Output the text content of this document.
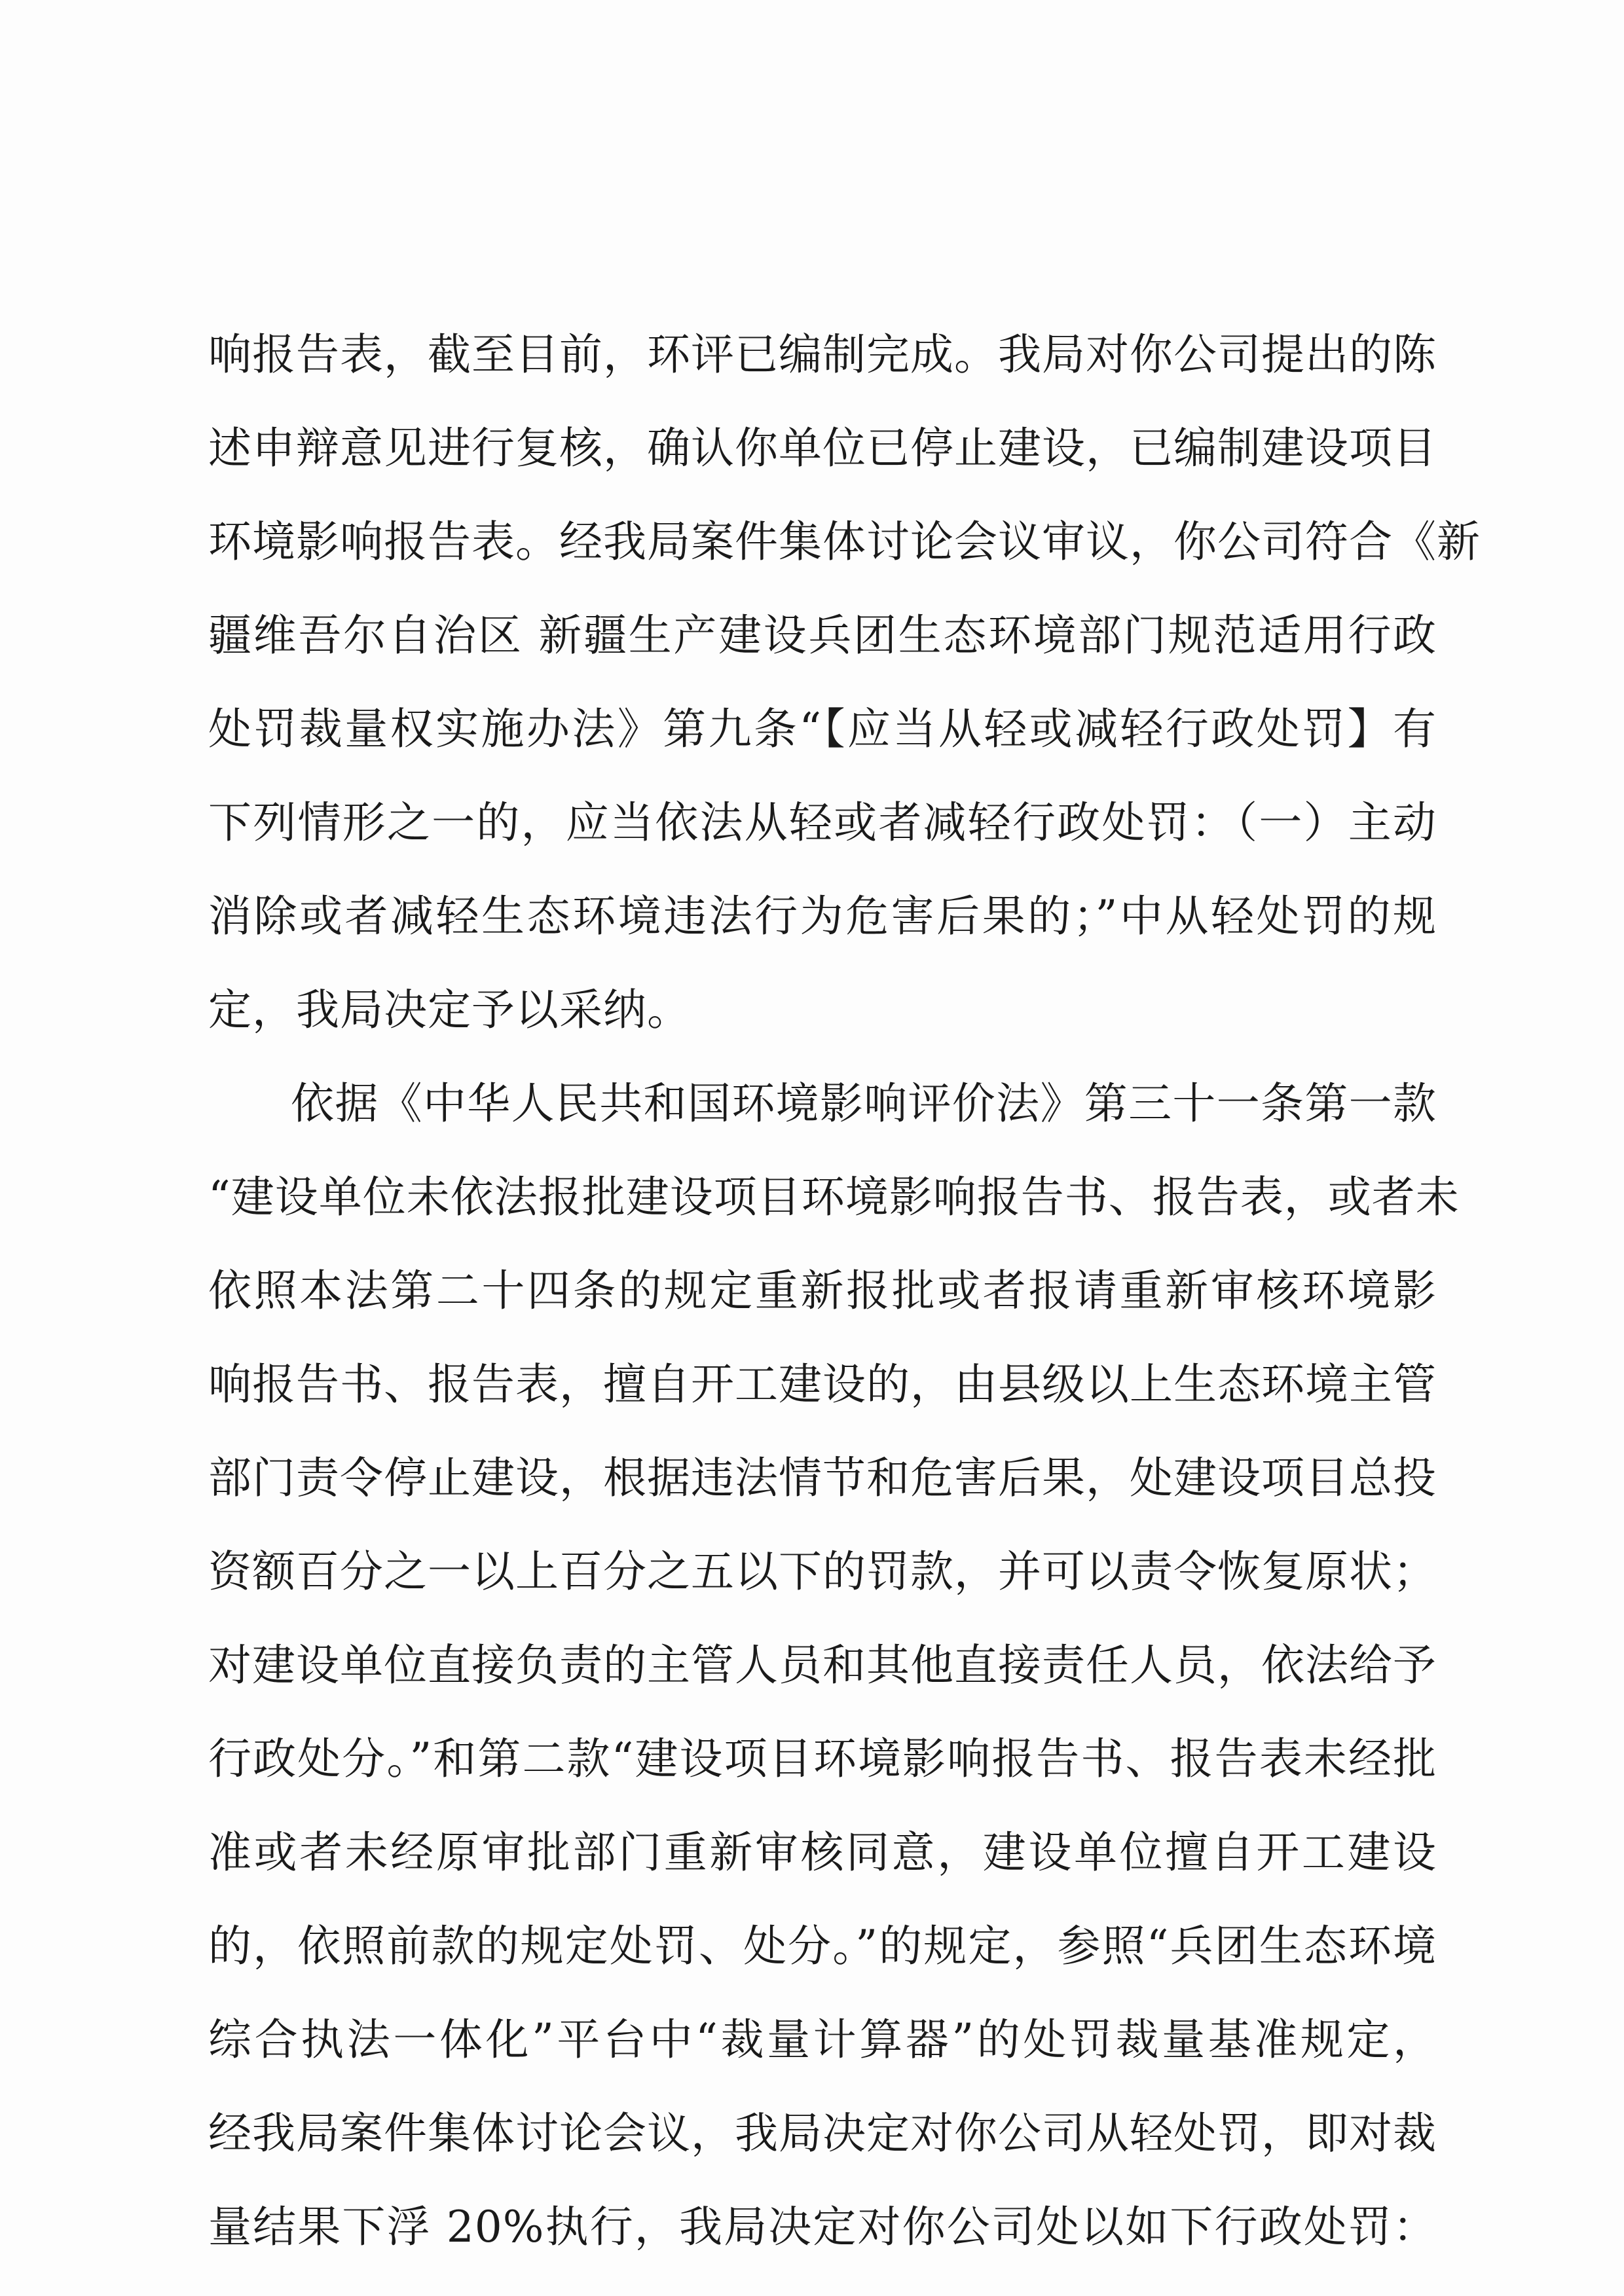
响报告表，截至目前，环评已编制完成。我局对你公司提出的陈
述申辩意见进行复核，确认你单位已停止建设，已编制建设项目
环境影响报告表。经我局案件集体讨论会议审议，你公司符合《新
疆维吾尔自治区 新疆生产建设兵团生态环境部门规范适用行政
处罚裁量权实施办法》第九条“【应当从轻或减轻行政处罚】有
下列情形之一的，应当依法从轻或者减轻行政处罚：（一）主动
消除或者减轻生态环境违法行为危害后果的；”中从轻处罚的规
定，我局决定予以采纳。

依据《中华人民共和国环境影响评价法》第三十一条第一款
“建设单位未依法报批建设项目环境影响报告书、报告表，或者未
依照本法第二十四条的规定重新报批或者报请重新审核环境影
响报告书、报告表，擅自开工建设的，由县级以上生态环境主管
部门责令停止建设，根据违法情节和危害后果，处建设项目总投
资额百分之一以上百分之五以下的罚款，并可以责令恢复原状；
对建设单位直接负责的主管人员和其他直接责任人员，依法给予
行政处分。”和第二款“建设项目环境影响报告书、报告表未经批
准或者未经原审批部门重新审核同意，建设单位擅自开工建设
的，依照前款的规定处罚、处分。”的规定，参照“兵团生态环境
综合执法一体化”平台中“裁量计算器”的处罚裁量基准规定，
经我局案件集体讨论会议，我局决定对你公司从轻处罚，即对裁
量结果下浮 20%执行，我局决定对你公司处以如下行政处罚：
